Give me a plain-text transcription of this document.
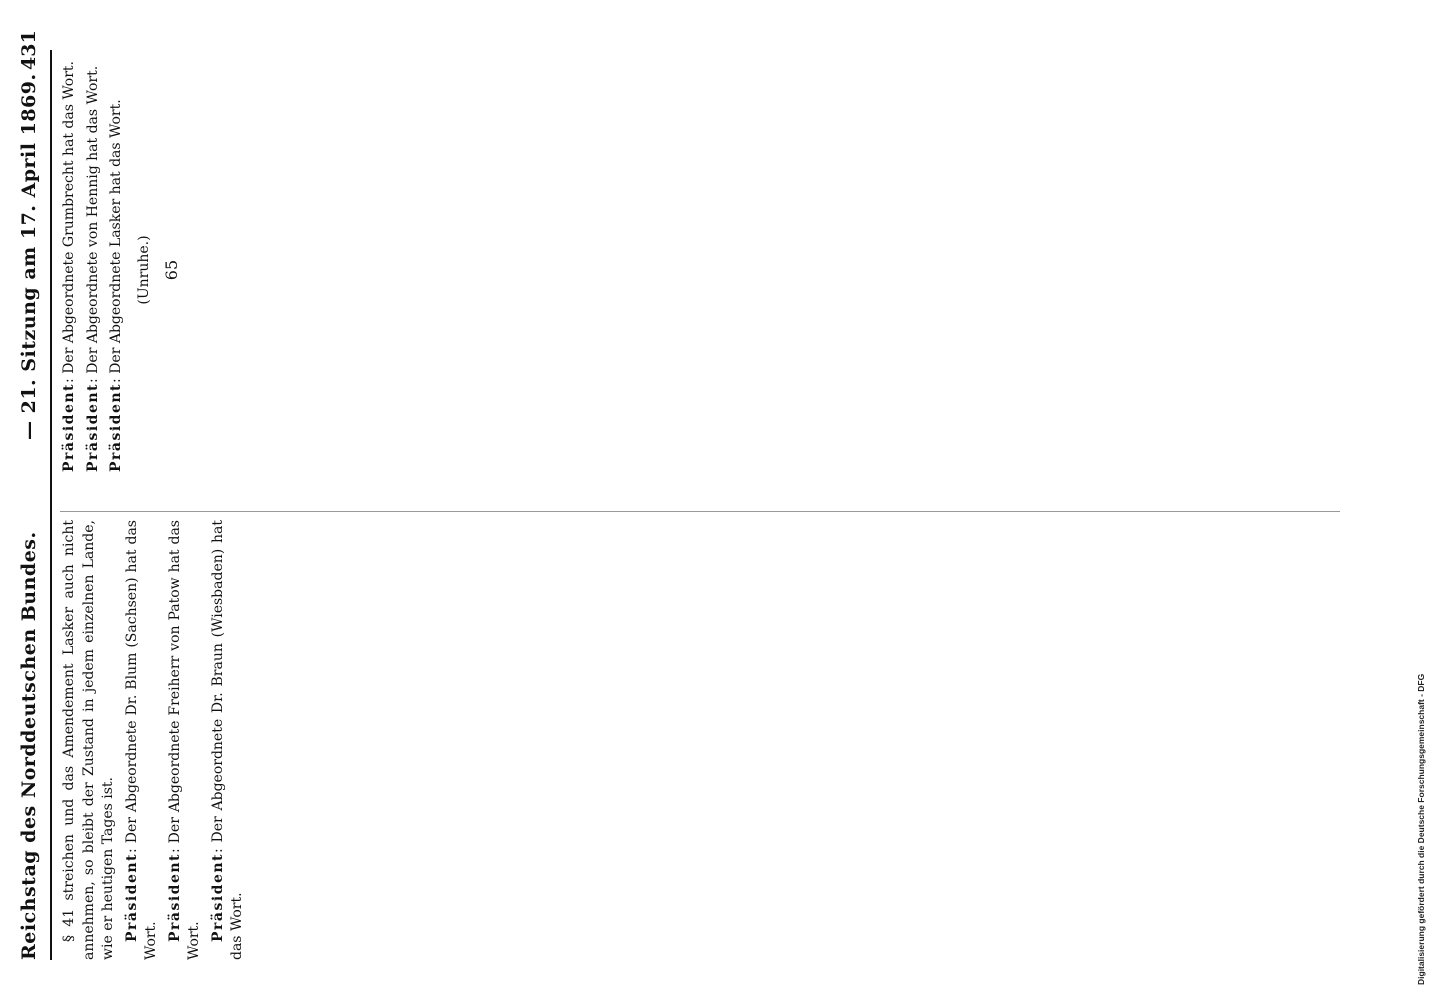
Reichstag des Norddeutschen Bundes.
— 21. Sitzung am 17. April 1869.
431

§ 41 streichen und das Amendement Lasker auch nicht annehmen, so bleibt der Zustand in jedem einzelnen Lande, wie er heutigen Tages ist. Präsident: Der Abgeordnete Dr. Blum (Sachsen) hat das Wort. Präsident: Der Abgeordnete Freiherr von Patow hat das Wort. Präsident: Der Abgeordnete Dr. Braun (Wiesbaden) hat das Wort.

Präsident: Der Abgeordnete Grumbrecht hat das Wort.

Präsident: Der Abgeordnete von Hennig hat das Wort.

Präsident: Der Abgeordnete Lasker hat das Wort. (Unruhe.) 65

Digitalisierung gefördert durch die Deutsche Forschungsgemeinschaft - DFG
